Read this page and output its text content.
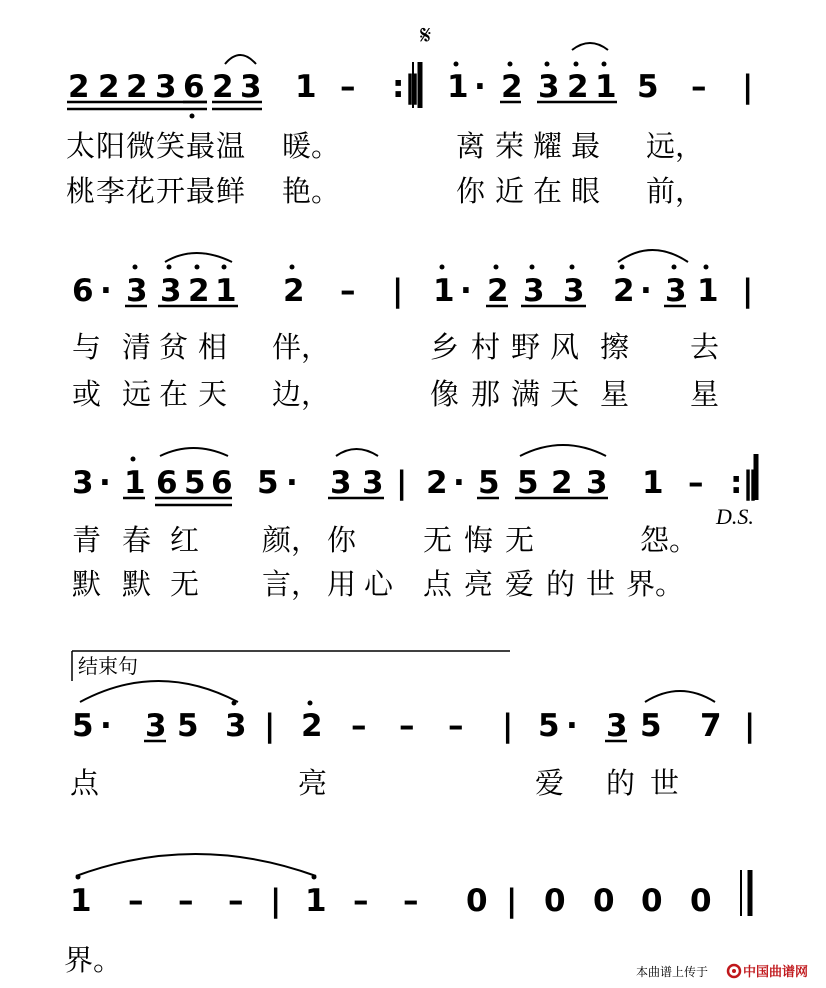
2 2 2 3 6 2 3 1 – :‖ 1 · 2 3 2 1 5 – |
𝄋
太 阳 微 笑 最 温 暖。	离 荣 耀 最 远，
桃 李 花 开 最 鲜 艳。	你 近 在 眼 前，
6 · 3 3 2 1 2 – | 1 · 2 3 3 2 · 3 1 |
与 清 贫 相 伴，	乡 村 野 风 擦 去
或 远 在 天 边，	像 那 满 天 星 星
3 · 1 6 5 6 5 · 3 3 | 2 · 5 5 2 3 1 – :‖
D.S.
青 春 红 颜， 你 无 悔 无	怨。
默 默 无 言， 用 心 点 亮 爱 的 世 界。
结束句
5 · 3 5 3 | 2 – – – | 5 · 3 5 7 |
点	亮	爱 的 世
1 – – – | 1 – – 0 | 0 0 0 0
界。	本曲谱上传于	中国曲谱网
